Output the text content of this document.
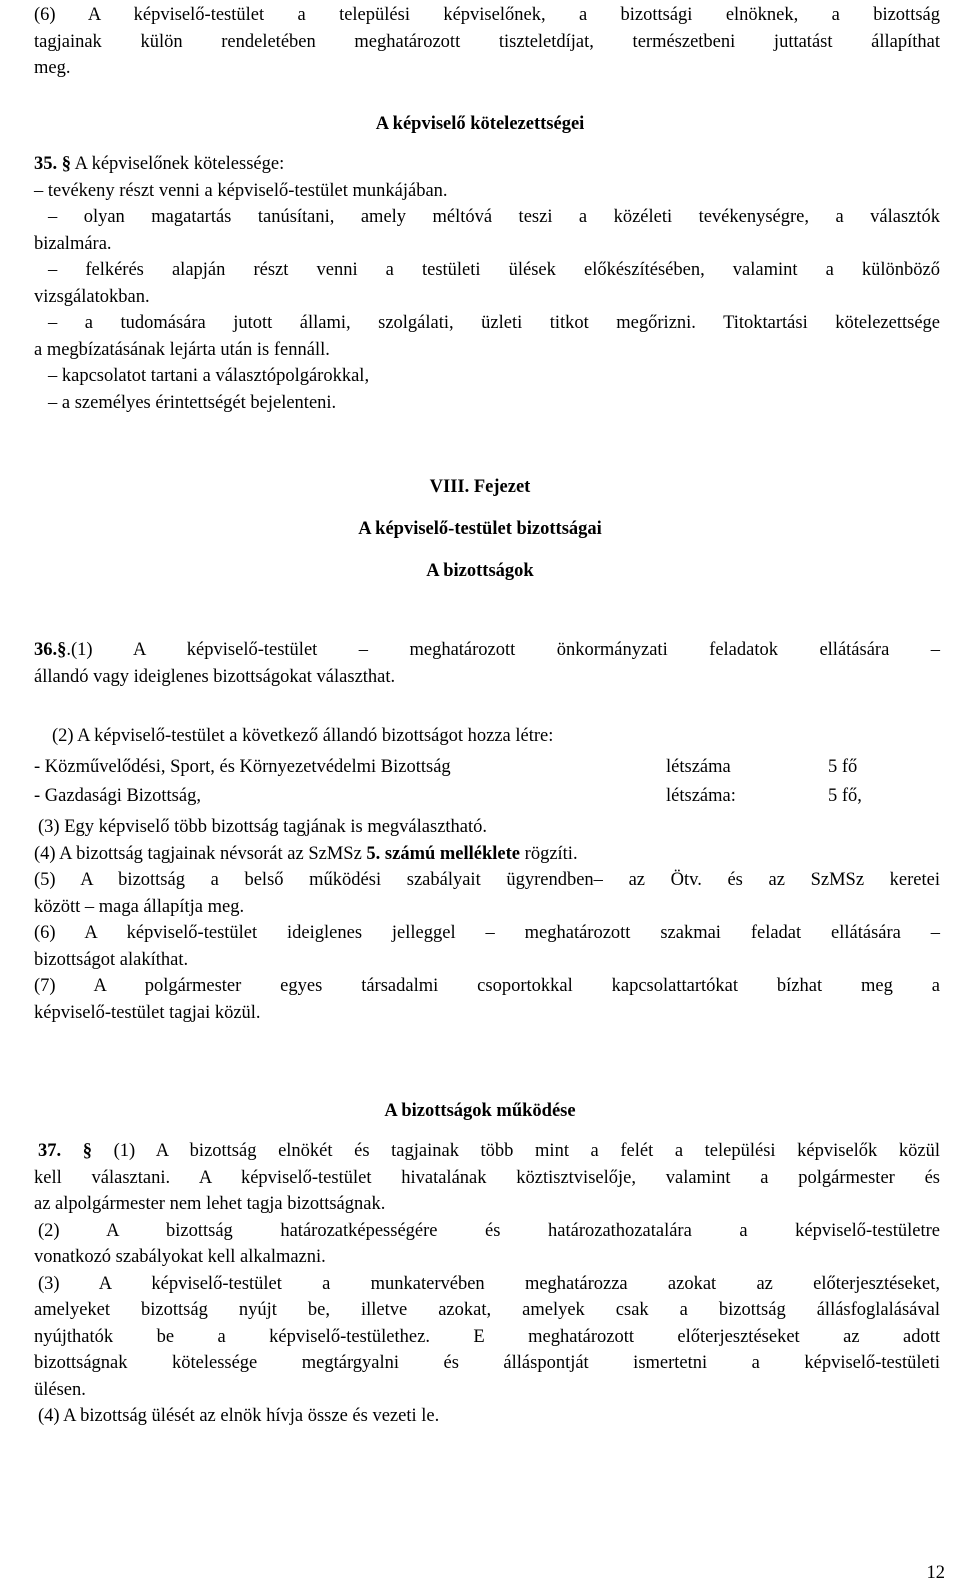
(6) A képviselő-testület a települési képviselőnek, a bizottsági elnöknek, a bizottság
tagjainak külön rendeletében meghatározott tiszteletdíjat, természetbeni juttatást állapíthat
meg.

A képviselő kötelezettségei

35. § A képviselőnek kötelessége:
– tevékeny részt venni a képviselő-testület munkájában.
– olyan magatartás tanúsítani, amely méltóvá teszi a közéleti tevékenységre, a választók
bizalmára.
– felkérés alapján részt venni a testületi ülések előkészítésében, valamint a különböző
vizsgálatokban.
– a tudomására jutott állami, szolgálati, üzleti titkot megőrizni. Titoktartási kötelezettsége
a megbízatásának lejárta után is fennáll.
– kapcsolatot tartani a választópolgárokkal,
– a személyes érintettségét bejelenteni.

VIII. Fejezet

A képviselő-testület bizottságai

A bizottságok

36.§.(1) A képviselő-testület – meghatározott önkormányzati feladatok ellátására –
állandó vagy ideiglenes bizottságokat választhat.
(2) A képviselő-testület a következő állandó bizottságot hozza létre:
- Közművelődési, Sport, és Környezetvédelmi Bizottság	létszáma	5 fő
- Gazdasági Bizottság,	létszáma:	5 fő,
(3) Egy képviselő több bizottság tagjának is megválasztható.
(4) A bizottság tagjainak névsorát az SzMSz 5. számú melléklete rögzíti.
(5) A bizottság a belső működési szabályait ügyrendben– az Ötv. és az SzMSz keretei
között – maga állapítja meg.
(6) A képviselő-testület ideiglenes jelleggel – meghatározott szakmai feladat ellátására –
bizottságot alakíthat.
(7) A polgármester egyes társadalmi csoportokkal kapcsolattartókat bízhat meg a
képviselő-testület tagjai közül.

A bizottságok működése

37. § (1) A bizottság elnökét és tagjainak több mint a felét a települési képviselők közül
kell választani. A képviselő-testület hivatalának köztisztviselője, valamint a polgármester és
az alpolgármester nem lehet tagja bizottságnak.
(2) A bizottság határozatképességére és határozathozatalára a képviselő-testületre
vonatkozó szabályokat kell alkalmazni.
(3) A képviselő-testület a munkatervében meghatározza azokat az előterjesztéseket,
amelyeket bizottság nyújt be, illetve azokat, amelyek csak a bizottság állásfoglalásával
nyújthatók be a képviselő-testülethez. E meghatározott előterjesztéseket az adott
bizottságnak kötelessége megtárgyalni és álláspontját ismertetni a képviselő-testületi
ülésen.
(4) A bizottság ülését az elnök hívja össze és vezeti le.
12
